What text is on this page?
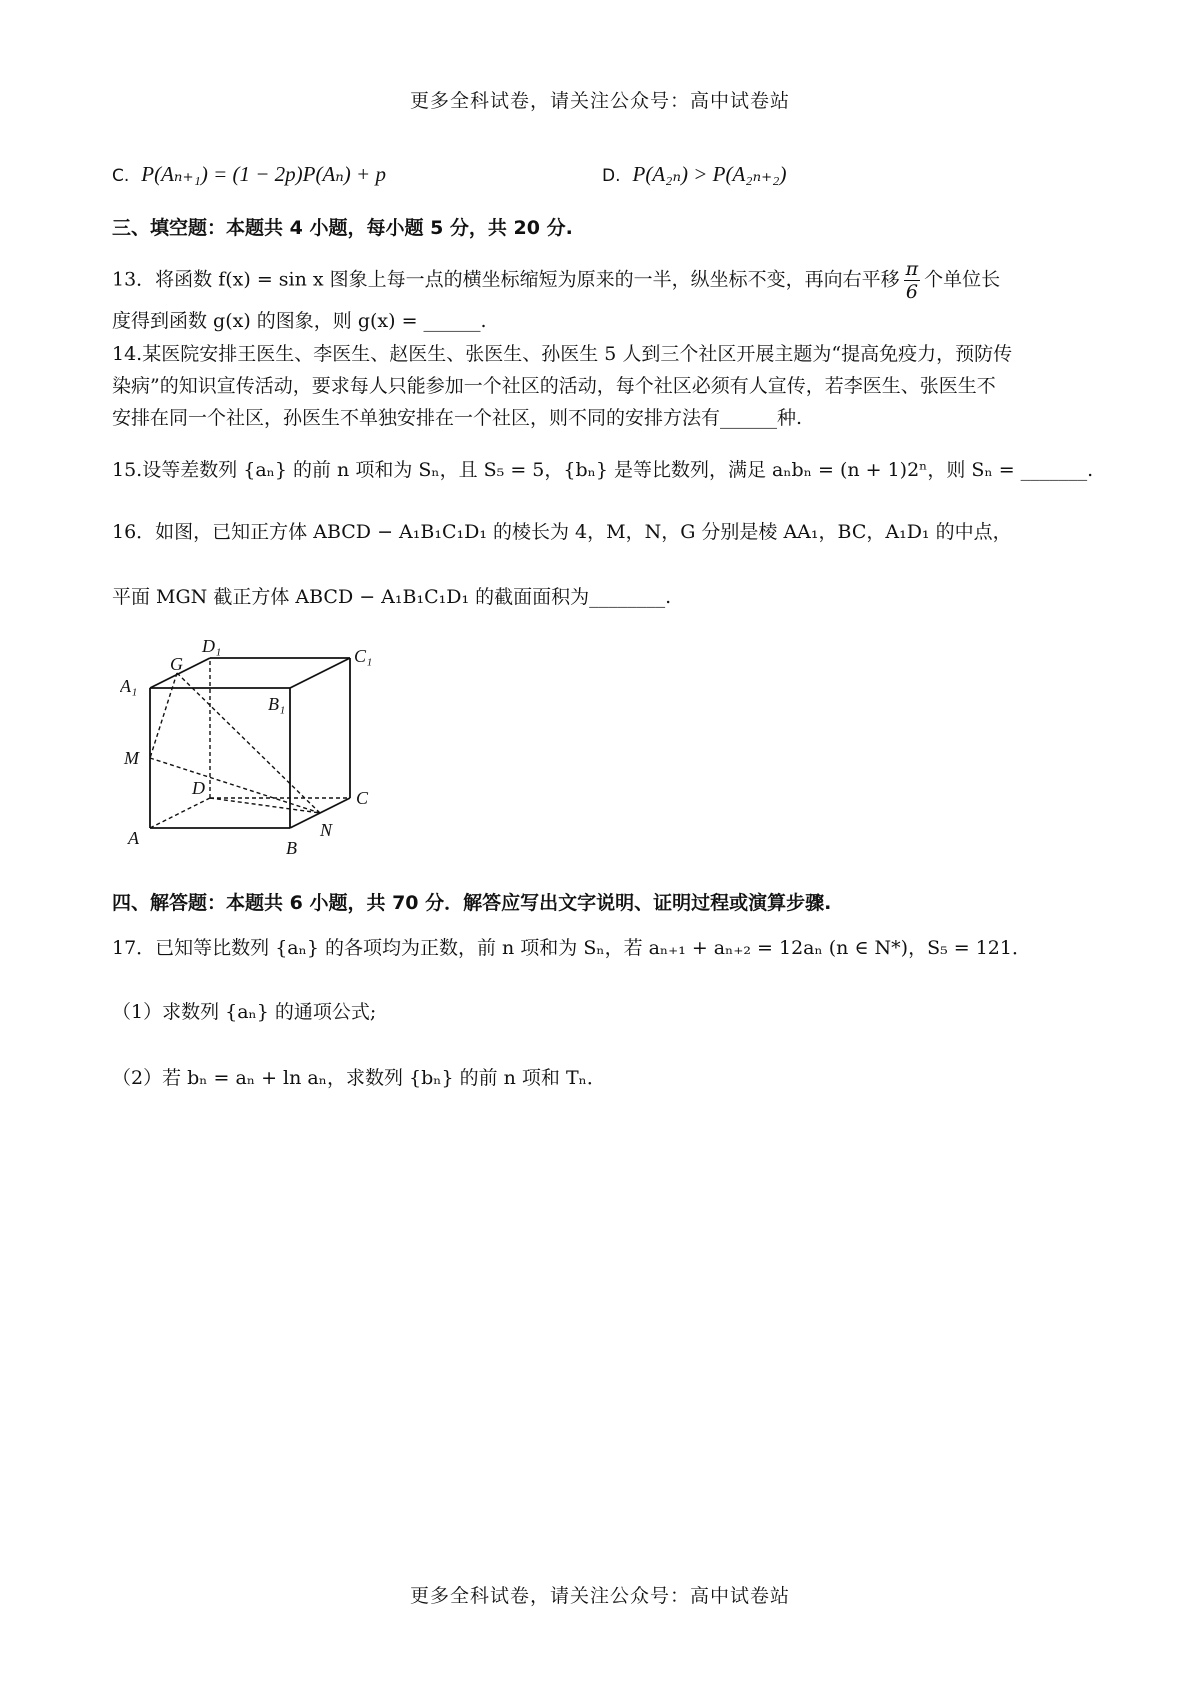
更多全科试卷，请关注公众号：高中试卷站
C. P(Aₙ₊₁) = (1 − 2p)P(Aₙ) + p	D. P(A₂ₙ) > P(A₂ₙ₊₂)
三、填空题：本题共 4 小题，每小题 5 分，共 20 分.
13．将函数 f(x) = sin x 图象上每一点的横坐标缩短为原来的一半，纵坐标不变，再向右平移 $\frac{\pi}{6}$ 个单位长
度得到函数 g(x) 的图象，则 g(x) = ______.
14.某医院安排王医生、李医生、赵医生、张医生、孙医生 5 人到三个社区开展主题为“提高免疫力，预防传
染病”的知识宣传活动，要求每人只能参加一个社区的活动，每个社区必须有人宣传，若李医生、张医生不
安排在同一个社区，孙医生不单独安排在一个社区，则不同的安排方法有______种.
15.设等差数列 {aₙ} 的前 n 项和为 Sₙ，且 S₅ = 5，{bₙ} 是等比数列，满足 aₙbₙ = (n + 1)2ⁿ，则 Sₙ = _______.
16．如图，已知正方体 ABCD − A₁B₁C₁D₁ 的棱长为 4，M，N，G 分别是棱 AA₁，BC，A₁D₁ 的中点，
平面 MGN 截正方体 ABCD − A₁B₁C₁D₁ 的截面面积为________.
D₁	C₁
G
A₁
B₁
M
D	C
N
A	B
四、解答题：本题共 6 小题，共 70 分．解答应写出文字说明、证明过程或演算步骤.
17．已知等比数列 {aₙ} 的各项均为正数，前 n 项和为 Sₙ，若 aₙ₊₁ + aₙ₊₂ = 12aₙ (n ∈ N*)，S₅ = 121．
（1）求数列 {aₙ} 的通项公式;
（2）若 bₙ = aₙ + ln aₙ，求数列 {bₙ} 的前 n 项和 Tₙ．
更多全科试卷，请关注公众号：高中试卷站
